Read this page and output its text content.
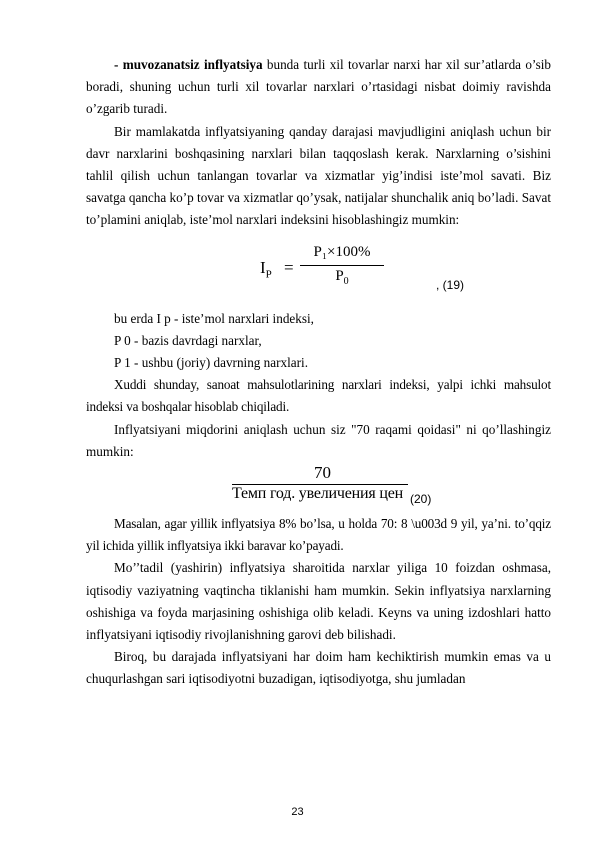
- muvozanatsiz inflyatsiya bunda turli xil tovarlar narxi har xil sur’atlarda o’sib boradi, shuning uchun turli xil tovarlar narxlari o’rtasidagi nisbat doimiy ravishda o’zgarib turadi.

Bir mamlakatda inflyatsiyaning qanday darajasi mavjudligini aniqlash uchun bir davr narxlarini boshqasining narxlari bilan taqqoslash kerak. Narxlarning o’sishini tahlil qilish uchun tanlangan tovarlar va xizmatlar yig’indisi iste’mol savati. Biz savatga qancha ko’p tovar va xizmatlar qo’ysak, natijalar shunchalik aniq bo’ladi. Savat to’plamini aniqlab, iste’mol narxlari indeksini hisoblashingiz mumkin:

$I_P$ =
P₁×100%
$P_0$	, (19)

bu erda I p - iste’mol narxlari indeksi,

P 0 - bazis davrdagi narxlar,

P 1 - ushbu (joriy) davrning narxlari.

Xuddi shunday, sanoat mahsulotlarining narxlari indeksi, yalpi ichki mahsulot indeksi va boshqalar hisoblab chiqiladi.

Inflyatsiyani miqdorini aniqlash uchun siz "70 raqami qoidasi" ni qo’llashingiz mumkin:

70
Темп год. увеличения цен (20)

Masalan, agar yillik inflyatsiya 8% bo’lsa, u holda 70: 8 \u003d 9 yil, ya’ni. to’qqiz yil ichida yillik inflyatsiya ikki baravar ko’payadi.

Mo’’tadil (yashirin) inflyatsiya sharoitida narxlar yiliga 10 foizdan oshmasa, iqtisodiy vaziyatning vaqtincha tiklanishi ham mumkin. Sekin inflyatsiya narxlarning oshishiga va foyda marjasining oshishiga olib keladi. Keyns va uning izdoshlari hatto inflyatsiyani iqtisodiy rivojlanishning garovi deb bilishadi.

Biroq, bu darajada inflyatsiyani har doim ham kechiktirish mumkin emas va u chuqurlashgan sari iqtisodiyotni buzadigan, iqtisodiyotga, shu jumladan

23
